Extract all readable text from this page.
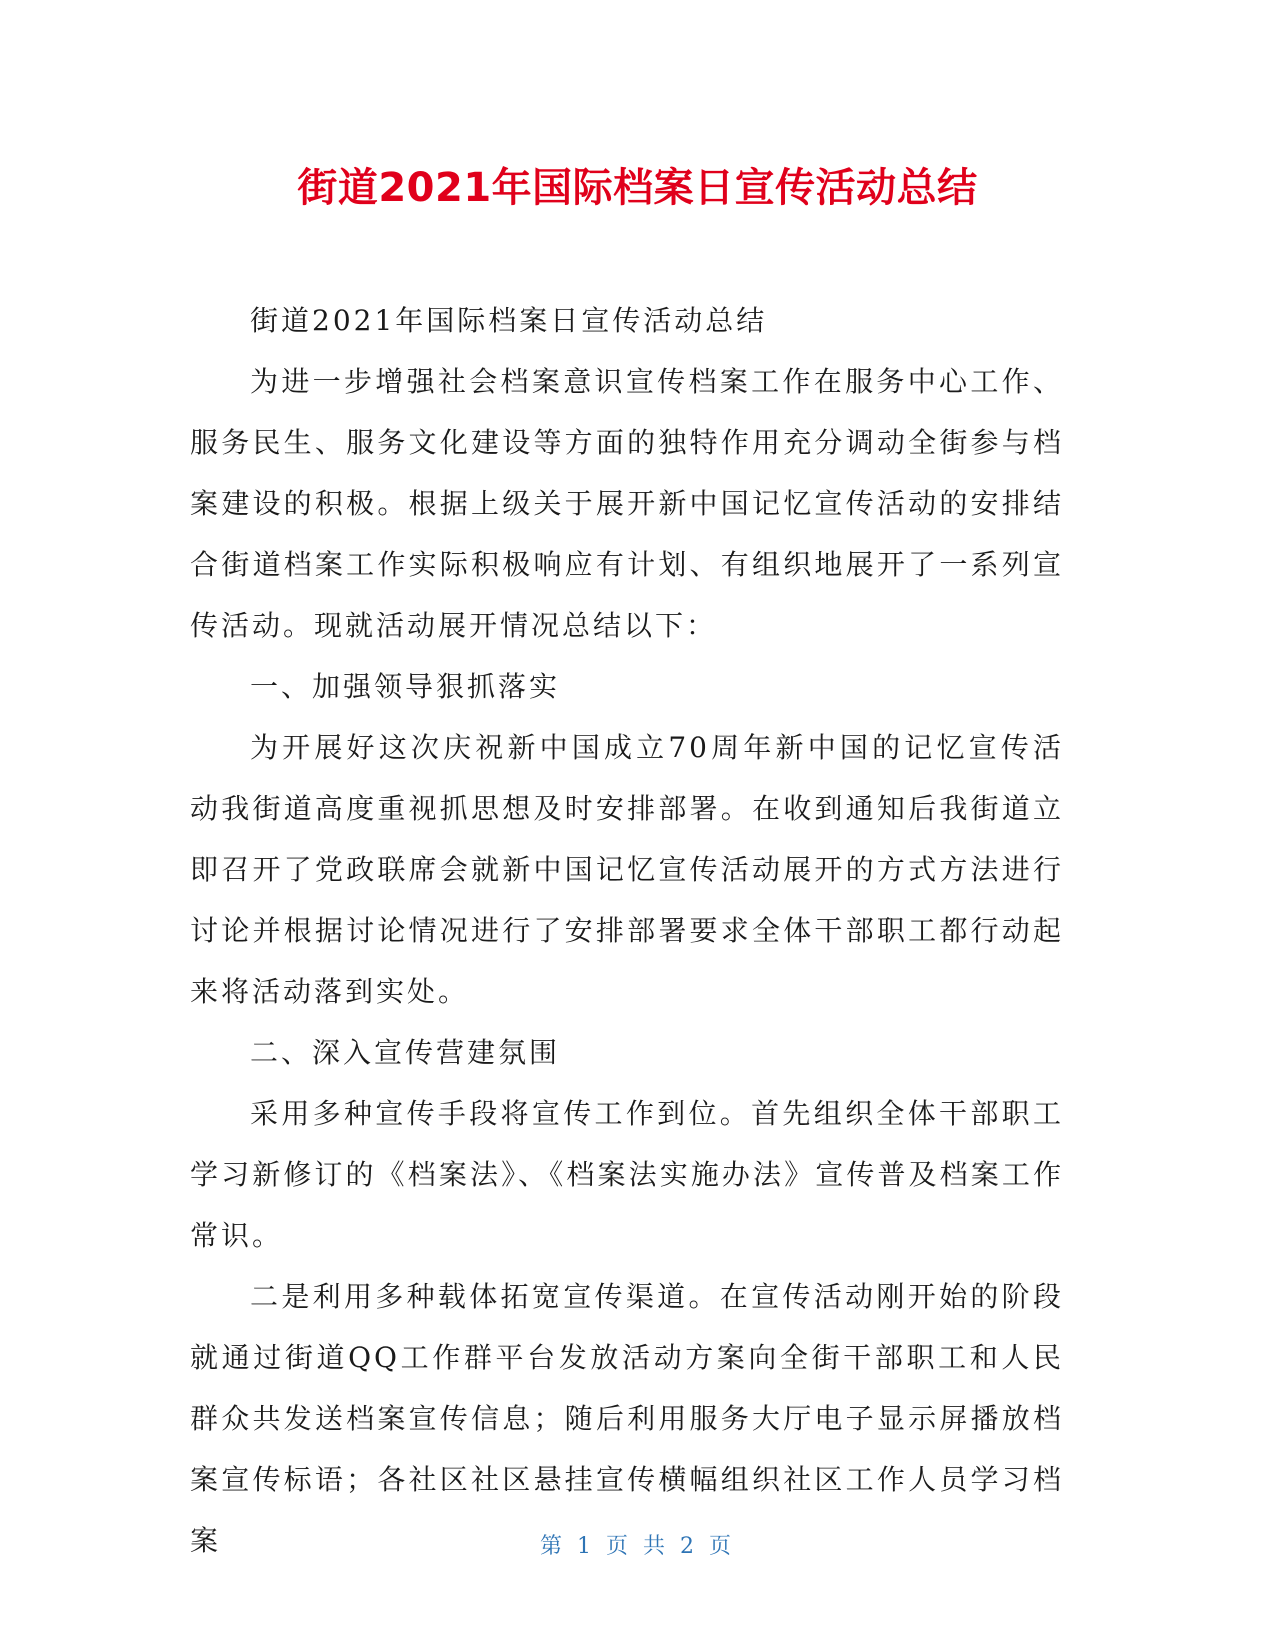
街道2021年国际档案日宣传活动总结

街道2021年国际档案日宣传活动总结

为进一步增强社会档案意识宣传档案工作在服务中心工作、服务民生、服务文化建设等方面的独特作用充分调动全街参与档案建设的积极。根据上级关于展开新中国记忆宣传活动的安排结合街道档案工作实际积极响应有计划、有组织地展开了一系列宣传活动。现就活动展开情况总结以下：

一、加强领导狠抓落实

为开展好这次庆祝新中国成立70周年新中国的记忆宣传活动我街道高度重视抓思想及时安排部署。在收到通知后我街道立即召开了党政联席会就新中国记忆宣传活动展开的方式方法进行讨论并根据讨论情况进行了安排部署要求全体干部职工都行动起来将活动落到实处。

二、深入宣传营建氛围

采用多种宣传手段将宣传工作到位。首先组织全体干部职工学习新修订的《档案法》、《档案法实施办法》宣传普及档案工作常识。

二是利用多种载体拓宽宣传渠道。在宣传活动刚开始的阶段就通过街道QQ工作群平台发放活动方案向全街干部职工和人民群众共发送档案宣传信息；随后利用服务大厅电子显示屏播放档案宣传标语；各社区社区悬挂宣传横幅组织社区工作人员学习档案	第 1 页 共 2 页
